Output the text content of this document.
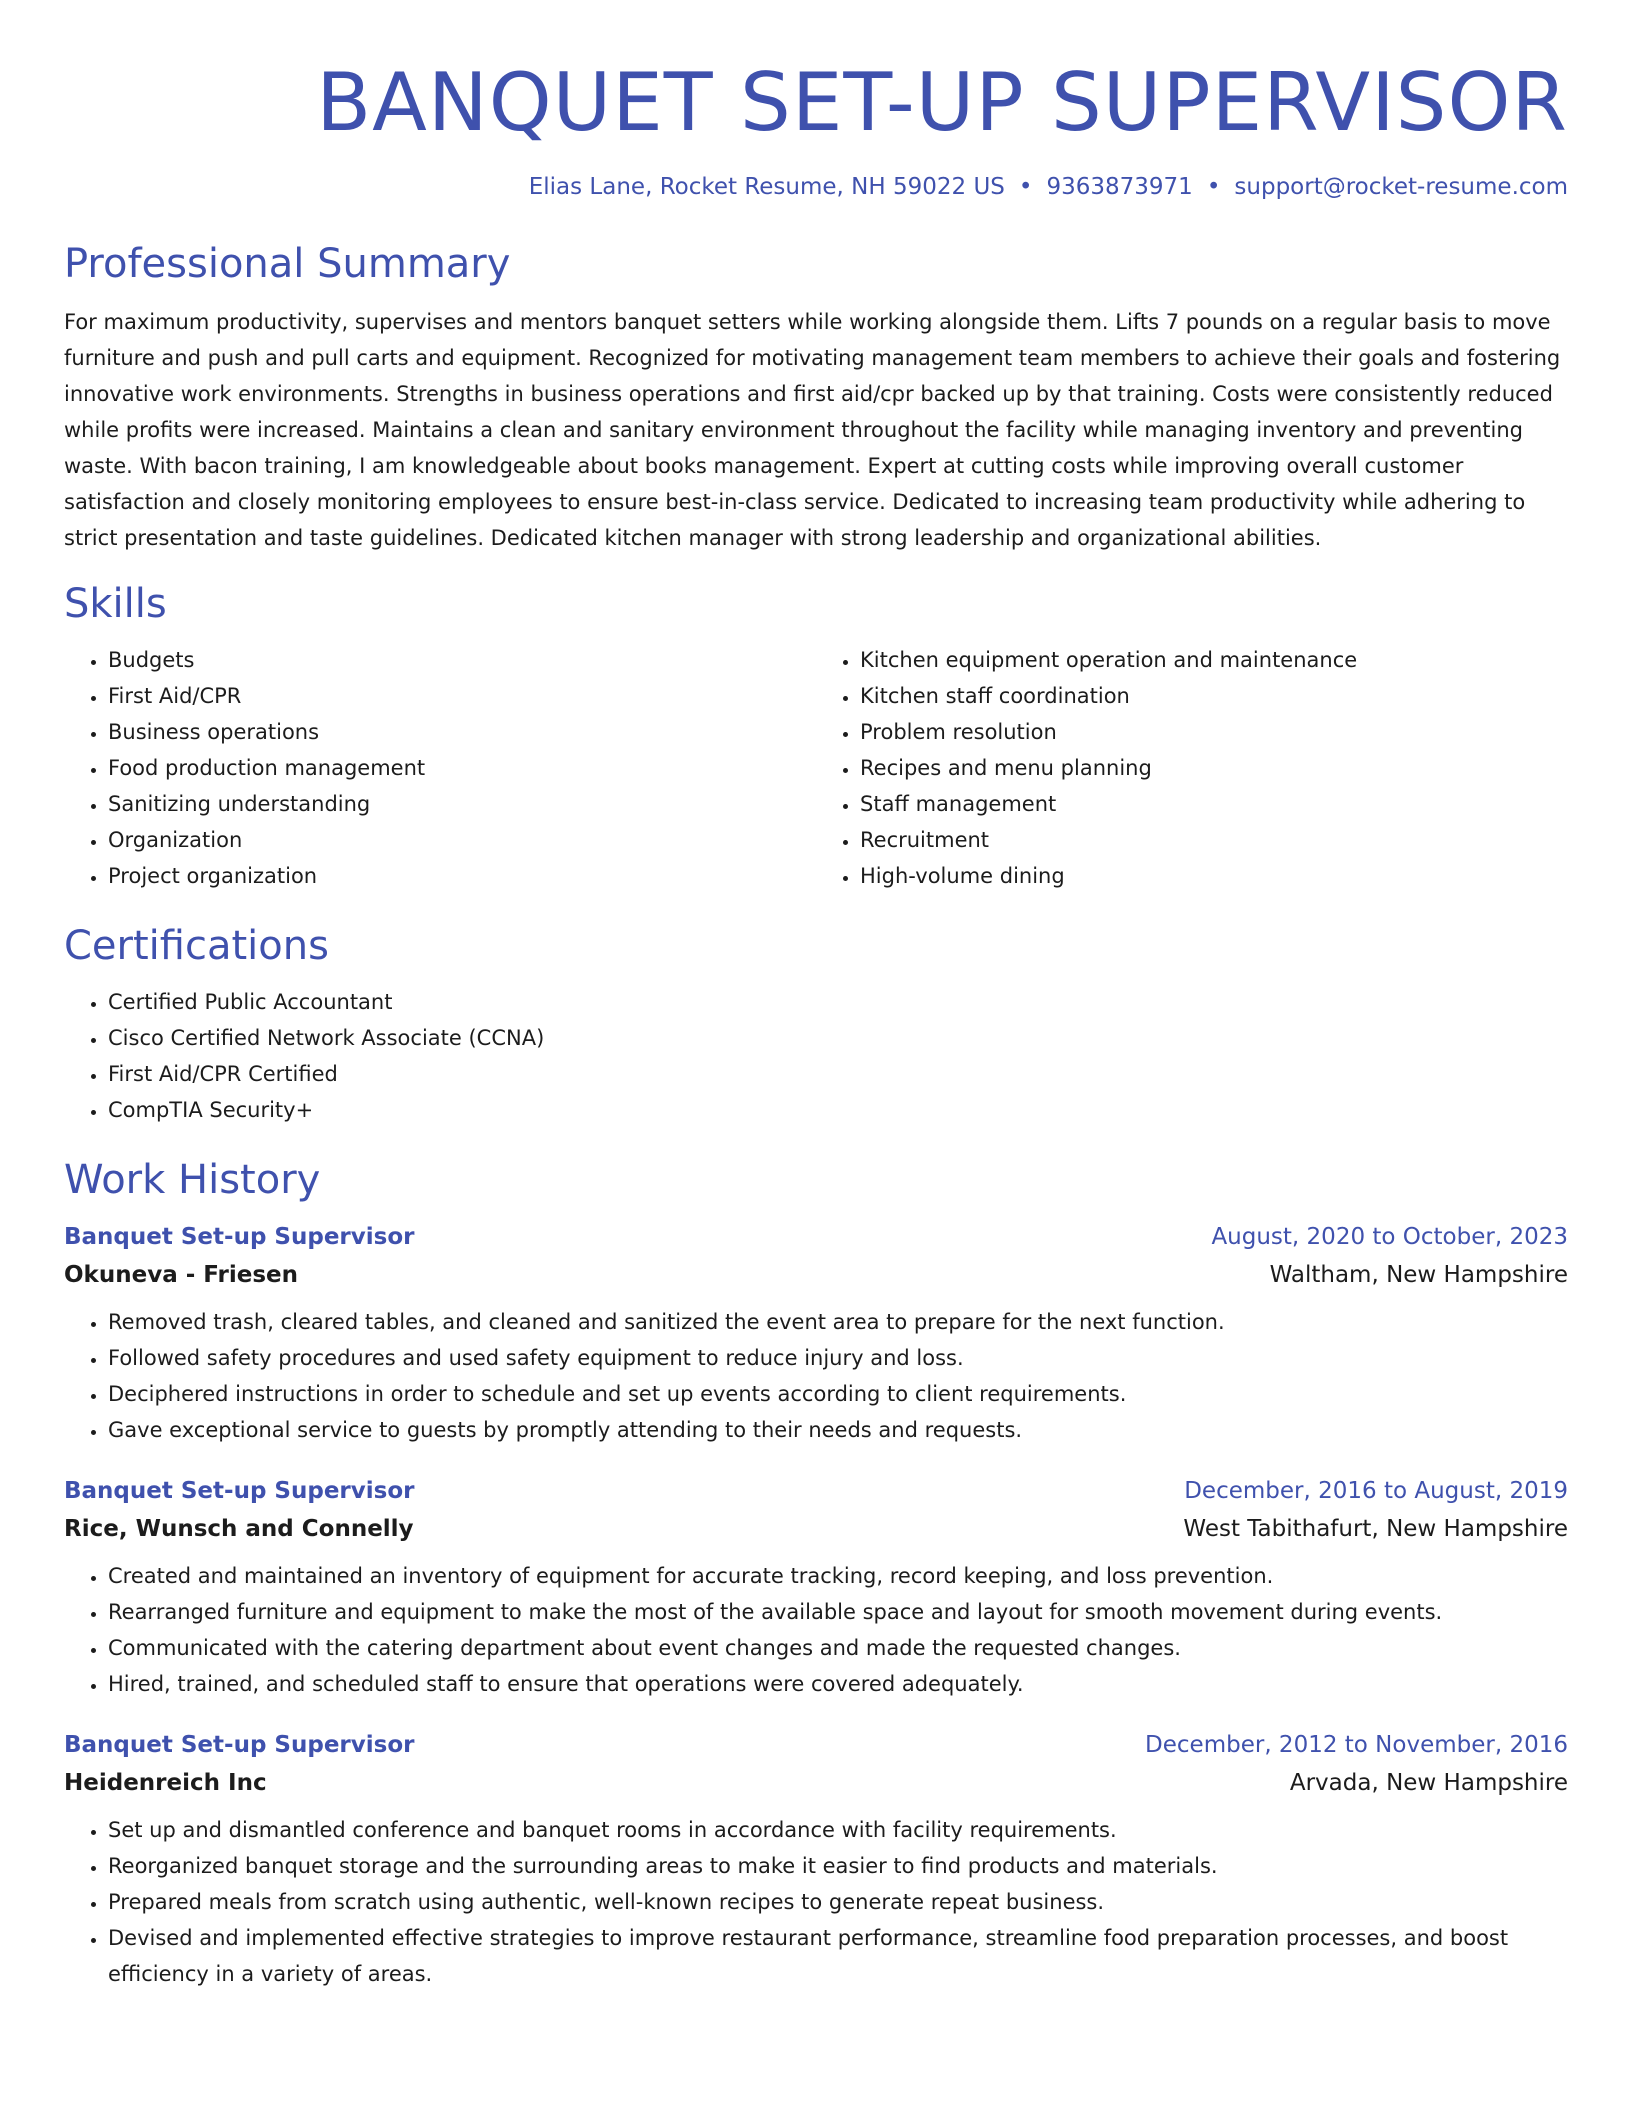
BANQUET SET-UP SUPERVISOR
Elias Lane, Rocket Resume, NH 59022 US • 9363873971 • support@rocket-resume.com
Professional Summary

For maximum productivity, supervises and mentors banquet setters while working alongside them. Lifts 7 pounds on a regular basis to move furniture and push and pull carts and equipment. Recognized for motivating management team members to achieve their goals and fostering innovative work environments. Strengths in business operations and first aid/cpr backed up by that training. Costs were consistently reduced while profits were increased. Maintains a clean and sanitary environment throughout the facility while managing inventory and preventing waste. With bacon training, I am knowledgeable about books management. Expert at cutting costs while improving overall customer satisfaction and closely monitoring employees to ensure best-in-class service. Dedicated to increasing team productivity while adhering to strict presentation and taste guidelines. Dedicated kitchen manager with strong leadership and organizational abilities.

Skills
• Budgets
• First Aid/CPR
• Business operations
• Food production management
• Sanitizing understanding
• Organization
• Project organization
• Kitchen equipment operation and maintenance
• Kitchen staff coordination
• Problem resolution
• Recipes and menu planning
• Staff management
• Recruitment
• High-volume dining
Certifications
• Certified Public Accountant
• Cisco Certified Network Associate (CCNA)
• First Aid/CPR Certified
• CompTIA Security+
Work History
Banquet Set-up Supervisor	August, 2020 to October, 2023
Okuneva - Friesen	Waltham, New Hampshire
• Removed trash, cleared tables, and cleaned and sanitized the event area to prepare for the next function.
• Followed safety procedures and used safety equipment to reduce injury and loss.
• Deciphered instructions in order to schedule and set up events according to client requirements.
• Gave exceptional service to guests by promptly attending to their needs and requests.
Banquet Set-up Supervisor	December, 2016 to August, 2019
Rice, Wunsch and Connelly	West Tabithafurt, New Hampshire
• Created and maintained an inventory of equipment for accurate tracking, record keeping, and loss prevention.
• Rearranged furniture and equipment to make the most of the available space and layout for smooth movement during events.
• Communicated with the catering department about event changes and made the requested changes.
• Hired, trained, and scheduled staff to ensure that operations were covered adequately.
Banquet Set-up Supervisor	December, 2012 to November, 2016
Heidenreich Inc	Arvada, New Hampshire
• Set up and dismantled conference and banquet rooms in accordance with facility requirements.
• Reorganized banquet storage and the surrounding areas to make it easier to find products and materials.
• Prepared meals from scratch using authentic, well-known recipes to generate repeat business.
• Devised and implemented effective strategies to improve restaurant performance, streamline food preparation processes, and boost efficiency in a variety of areas.
